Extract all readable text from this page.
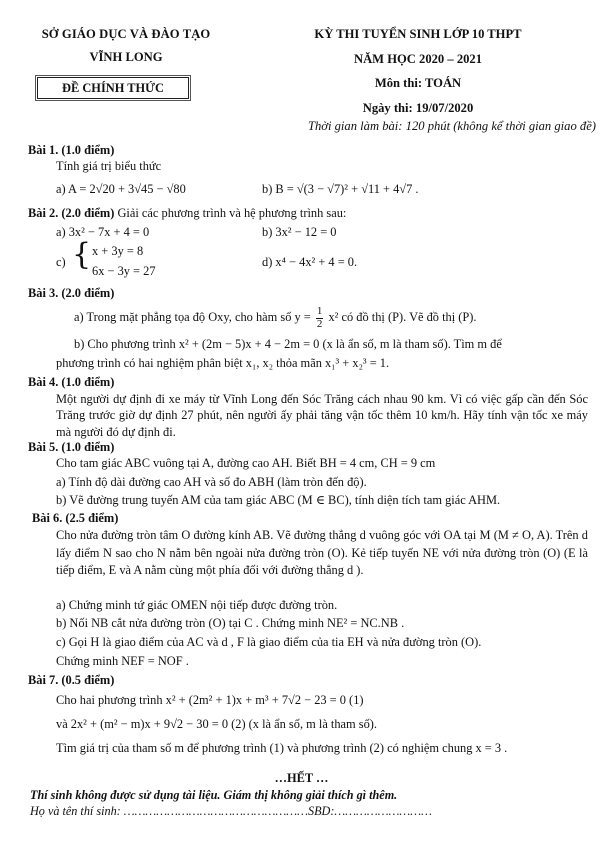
SỞ GIÁO DỤC VÀ ĐÀO TẠO
VĨNH LONG
ĐỀ CHÍNH THỨC
KỲ THI TUYỂN SINH LỚP 10 THPT
NĂM HỌC 2020 – 2021
Môn thi: TOÁN
Ngày thi: 19/07/2020
Thời gian làm bài: 120 phút (không kể thời gian giao đề)
Bài 1. (1.0 điểm)
Tính giá trị biểu thức
a) A = 2√20 + 3√45 − √80	b) B = √(3 − √7)² + √11 + 4√7 .
Bài 2. (2.0 điểm) Giải các phương trình và hệ phương trình sau:
a) 3x² − 7x + 4 = 0	b) 3x² − 12 = 0
c) { x + 3y = 8
6x − 3y = 27
d) x⁴ − 4x² + 4 = 0.
Bài 3. (2.0 điểm)
a) Trong mặt phẳng tọa độ Oxy, cho hàm số $y = \frac{1}{2} x^2$ có đồ thị (P). Vẽ đồ thị (P).
b) Cho phương trình x² + (2m − 5)x + 4 − 2m = 0 (x là ẩn số, m là tham số). Tìm m để
phương trình có hai nghiệm phân biệt x₁, x₂ thỏa mãn x₁³ + x₂³ = 1.
Bài 4. (1.0 điểm)
Một người dự định đi xe máy từ Vĩnh Long đến Sóc Trăng cách nhau 90 km. Vì có việc gấp cần đến Sóc Trăng trước giờ dự định 27 phút, nên người ấy phải tăng vận tốc thêm 10 km/h. Hãy tính vận tốc xe máy mà người đó dự định đi.
Bài 5. (1.0 điểm)
Cho tam giác ABC vuông tại A, đường cao AH. Biết BH = 4 cm, CH = 9 cm
a) Tính độ dài đường cao AH và số đo ABH (làm tròn đến độ).
b) Vẽ đường trung tuyến AM của tam giác ABC (M ∈ BC), tính diện tích tam giác AHM.
Bài 6. (2.5 điểm)
Cho nửa đường tròn tâm O đường kính AB. Vẽ đường thẳng d vuông góc với OA tại M (M ≠ O, A). Trên d lấy điểm N sao cho N nằm bên ngoài nửa đường tròn (O). Kẻ tiếp tuyến NE với nửa đường tròn (O) (E là tiếp điểm, E và A nằm cùng một phía đối với đường thẳng d ).
a) Chứng minh tứ giác OMEN nội tiếp được đường tròn.
b) Nối NB cắt nửa đường tròn (O) tại C . Chứng minh NE² = NC.NB .
c) Gọi H là giao điểm của AC và d , F là giao điểm của tia EH và nửa đường tròn (O).
Chứng minh NEF = NOF .
Bài 7. (0.5 điểm)
Cho hai phương trình x² + (2m² + 1)x + m³ + 7√2 − 23 = 0 (1)
và 2x² + (m² − m)x + 9√2 − 30 = 0 (2) (x là ẩn số, m là tham số).
Tìm giá trị của tham số m để phương trình (1) và phương trình (2) có nghiệm chung x = 3 .
…HẾT …
Thí sinh không được sử dụng tài liệu. Giám thị không giải thích gì thêm.
Họ và tên thí sinh: ……………………………………………SBD:………………………
